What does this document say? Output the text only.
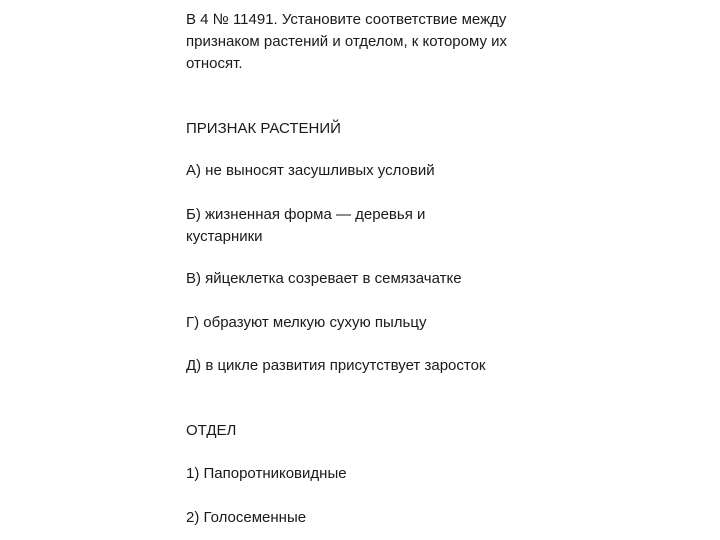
В 4 № 11491. Установите соответствие между признаком растений и отделом, к которому их относят.

ПРИЗНАК РАСТЕНИЙ

А) не выносят засушливых условий

Б) жизненная форма — деревья и кустарники

В) яйцеклетка созревает в семязачатке

Г) образуют мелкую сухую пыльцу

Д) в цикле развития присутствует заросток

ОТДЕЛ

1) Папоротниковидные

2) Голосеменные
